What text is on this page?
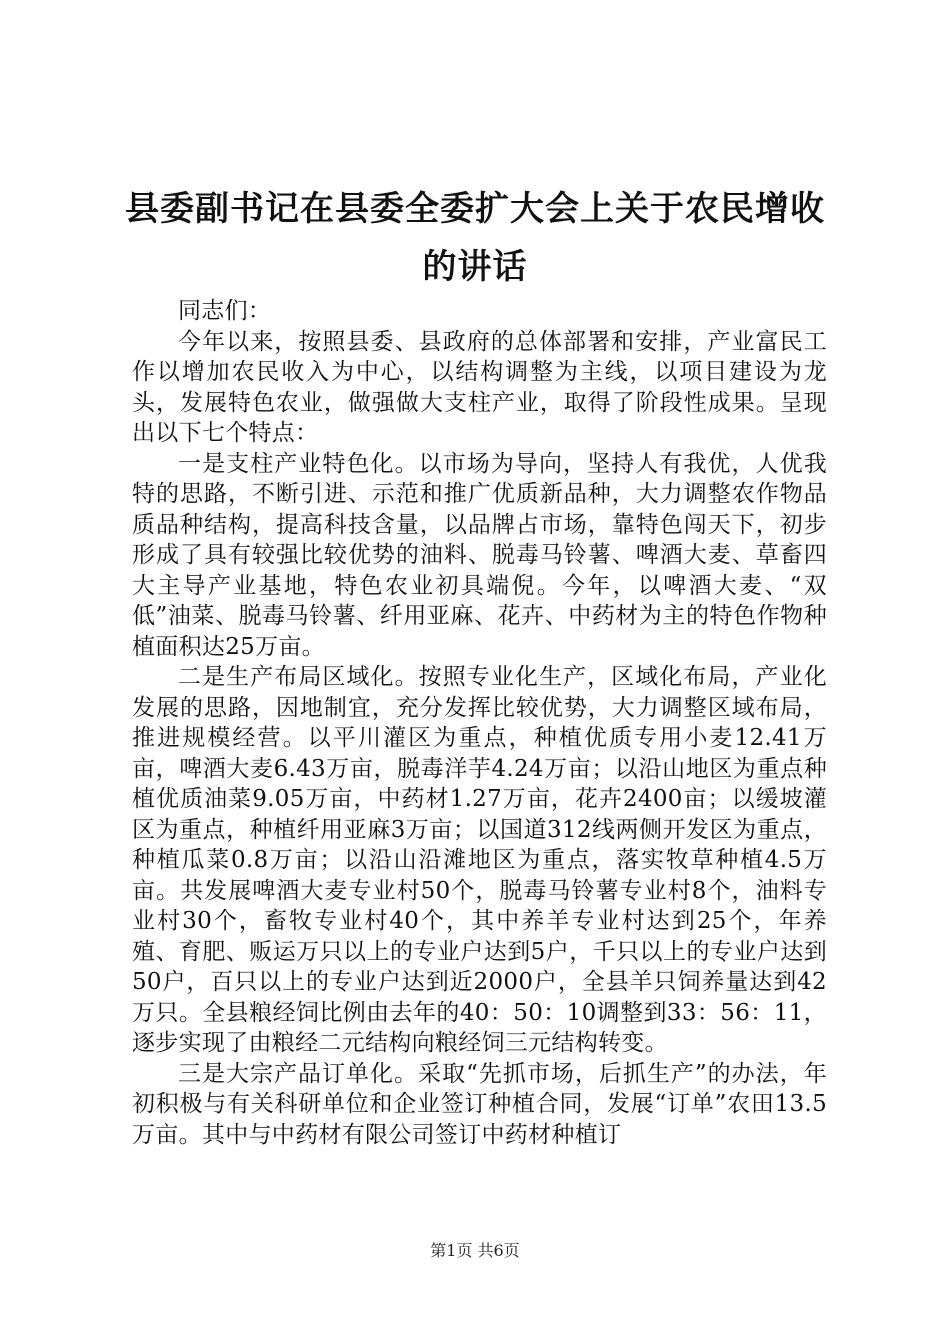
县委副书记在县委全委扩大会上关于农民增收的讲话

同志们：

今年以来，按照县委、县政府的总体部署和安排，产业富民工作以增加农民收入为中心，以结构调整为主线，以项目建设为龙头，发展特色农业，做强做大支柱产业，取得了阶段性成果。呈现出以下七个特点：

一是支柱产业特色化。以市场为导向，坚持人有我优，人优我特的思路，不断引进、示范和推广优质新品种，大力调整农作物品质品种结构，提高科技含量，以品牌占市场，靠特色闯天下，初步形成了具有较强比较优势的油料、脱毒马铃薯、啤酒大麦、草畜四大主导产业基地，特色农业初具端倪。今年，以啤酒大麦、“双低”油菜、脱毒马铃薯、纤用亚麻、花卉、中药材为主的特色作物种植面积达25万亩。

二是生产布局区域化。按照专业化生产，区域化布局，产业化发展的思路，因地制宜，充分发挥比较优势，大力调整区域布局，推进规模经营。以平川灌区为重点，种植优质专用小麦12.41万亩，啤酒大麦6.43万亩，脱毒洋芋4.24万亩；以沿山地区为重点种植优质油菜9.05万亩，中药材1.27万亩，花卉2400亩；以缓坡灌区为重点，种植纤用亚麻3万亩；以国道312线两侧开发区为重点，种植瓜菜0.8万亩；以沿山沿滩地区为重点，落实牧草种植4.5万亩。共发展啤酒大麦专业村50个，脱毒马铃薯专业村8个，油料专业村30个，畜牧专业村40个，其中养羊专业村达到25个，年养殖、育肥、贩运万只以上的专业户达到5户，千只以上的专业户达到50户，百只以上的专业户达到近2000户，全县羊只饲养量达到42万只。全县粮经饲比例由去年的40：50：10调整到33：56：11，逐步实现了由粮经二元结构向粮经饲三元结构转变。

三是大宗产品订单化。采取“先抓市场，后抓生产”的办法，年初积极与有关科研单位和企业签订种植合同，发展“订单”农田13.5万亩。其中与中药材有限公司签订中药材种植订

第1页 共6页
